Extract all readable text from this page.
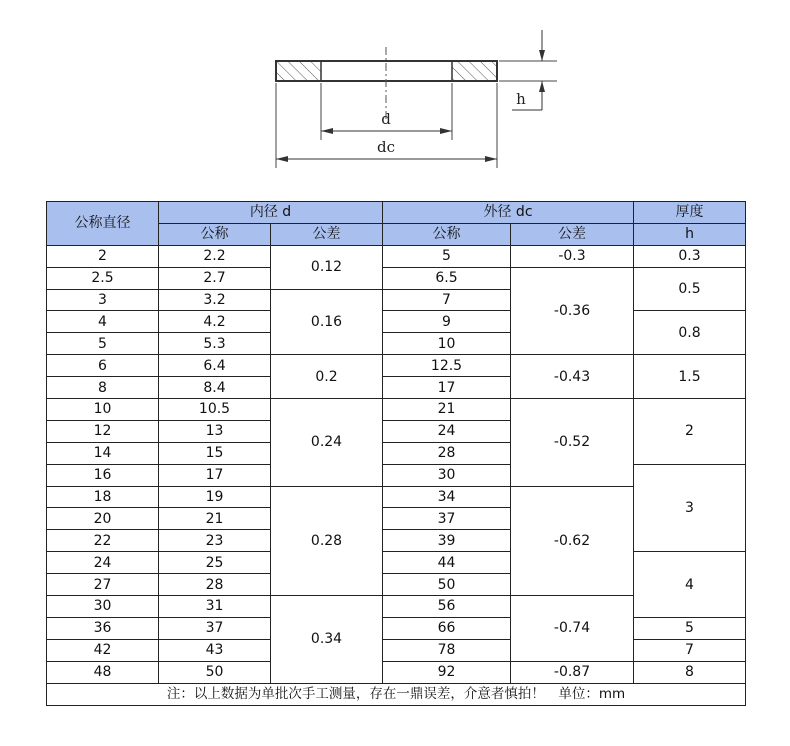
d
dc
h
公称直径	内径 d		外径 dc		厚度
	公称	公差	公称	公差	h
2	2.2	0.12	5	-0.3	0.3
2.5	2.7		6.5	-0.36	0.5
3	3.2	0.16	7		
4	4.2		9		0.8
5	5.3		10		
6	6.4	0.2	12.5	-0.43	1.5
8	8.4		17		
10	10.5	0.24	21	-0.52	2
12	13		24		
14	15		28		
16	17		30		3
18	19	0.28	34	-0.62	
20	21		37		
22	23		39		
24	25		44		4
27	28		50		
30	31	0.34	56	-0.74	
36	37		66		5
42	43		78		7
48	50		92	-0.87	8
注：以上数据为单批次手工测量，存在一鼎误差，介意者慎拍！　单位：mm					
